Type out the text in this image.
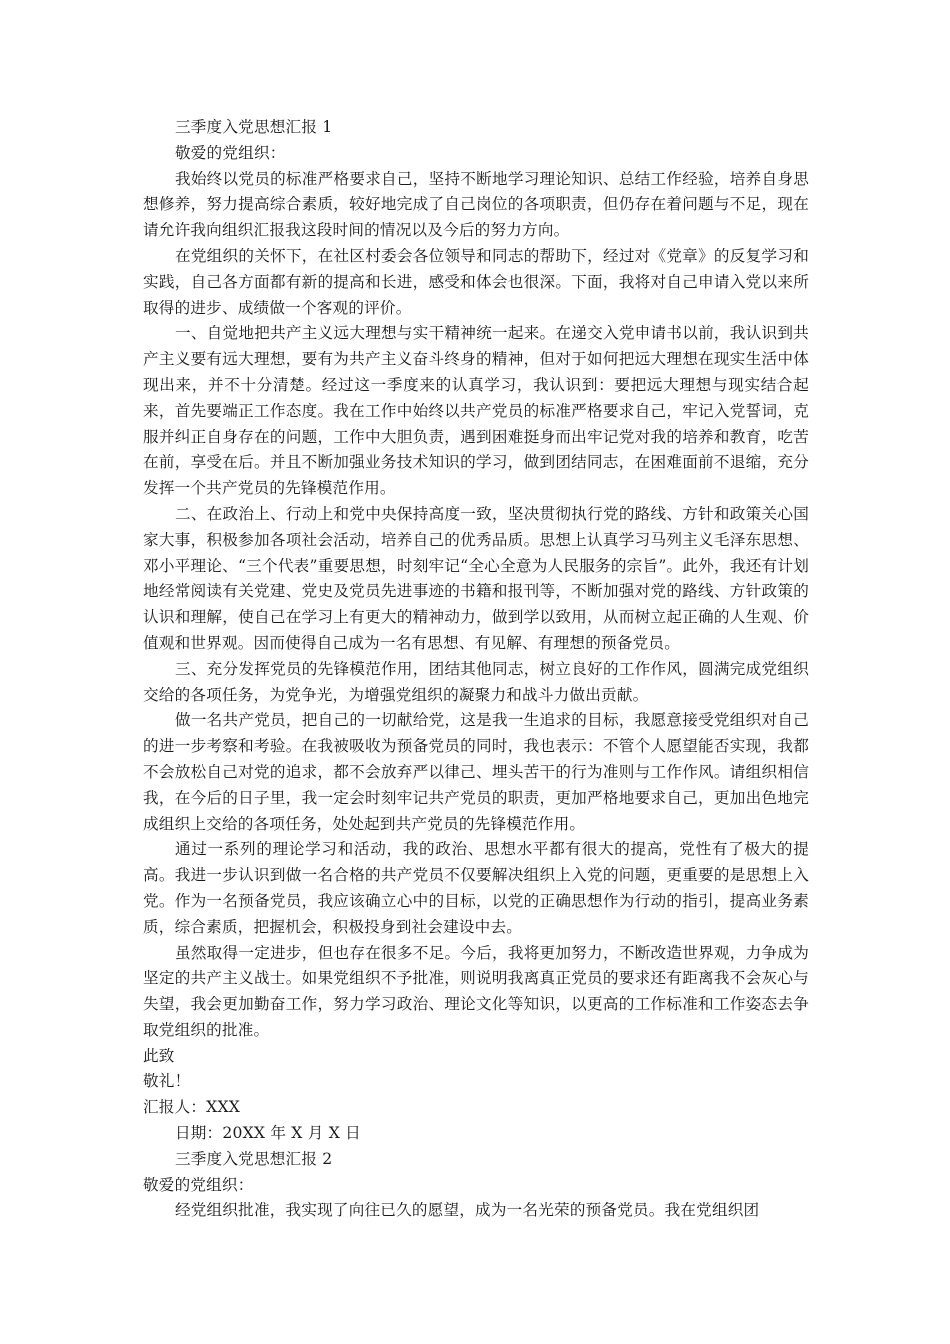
三季度入党思想汇报 1

敬爱的党组织：

我始终以党员的标准严格要求自己，坚持不断地学习理论知识、总结工作经验，培养自身思想修养，努力提高综合素质，较好地完成了自己岗位的各项职责，但仍存在着问题与不足，现在请允许我向组织汇报我这段时间的情况以及今后的努力方向。

在党组织的关怀下，在社区村委会各位领导和同志的帮助下，经过对《党章》的反复学习和实践，自己各方面都有新的提高和长进，感受和体会也很深。下面，我将对自己申请入党以来所取得的进步、成绩做一个客观的评价。

一、自觉地把共产主义远大理想与实干精神统一起来。在递交入党申请书以前，我认识到共产主义要有远大理想，要有为共产主义奋斗终身的精神，但对于如何把远大理想在现实生活中体现出来，并不十分清楚。经过这一季度来的认真学习，我认识到：要把远大理想与现实结合起来，首先要端正工作态度。我在工作中始终以共产党员的标准严格要求自己，牢记入党誓词，克服并纠正自身存在的问题，工作中大胆负责，遇到困难挺身而出牢记党对我的培养和教育，吃苦在前，享受在后。并且不断加强业务技术知识的学习，做到团结同志，在困难面前不退缩，充分发挥一个共产党员的先锋模范作用。

二、在政治上、行动上和党中央保持高度一致，坚决贯彻执行党的路线、方针和政策关心国家大事，积极参加各项社会活动，培养自己的优秀品质。思想上认真学习马列主义毛泽东思想、邓小平理论、“三个代表”重要思想，时刻牢记“全心全意为人民服务的宗旨”。此外，我还有计划地经常阅读有关党建、党史及党员先进事迹的书籍和报刊等，不断加强对党的路线、方针政策的认识和理解，使自己在学习上有更大的精神动力，做到学以致用，从而树立起正确的人生观、价值观和世界观。因而使得自己成为一名有思想、有见解、有理想的预备党员。

三、充分发挥党员的先锋模范作用，团结其他同志，树立良好的工作作风，圆满完成党组织交给的各项任务，为党争光，为增强党组织的凝聚力和战斗力做出贡献。

做一名共产党员，把自己的一切献给党，这是我一生追求的目标，我愿意接受党组织对自己的进一步考察和考验。在我被吸收为预备党员的同时，我也表示：不管个人愿望能否实现，我都不会放松自己对党的追求，都不会放弃严以律己、埋头苦干的行为准则与工作作风。请组织相信我，在今后的日子里，我一定会时刻牢记共产党员的职责，更加严格地要求自己，更加出色地完成组织上交给的各项任务，处处起到共产党员的先锋模范作用。

通过一系列的理论学习和活动，我的政治、思想水平都有很大的提高，党性有了极大的提高。我进一步认识到做一名合格的共产党员不仅要解决组织上入党的问题，更重要的是思想上入党。作为一名预备党员，我应该确立心中的目标，以党的正确思想作为行动的指引，提高业务素质，综合素质，把握机会，积极投身到社会建设中去。

虽然取得一定进步，但也存在很多不足。今后，我将更加努力，不断改造世界观，力争成为坚定的共产主义战士。如果党组织不予批准，则说明我离真正党员的要求还有距离我不会灰心与失望，我会更加勤奋工作，努力学习政治、理论文化等知识，以更高的工作标准和工作姿态去争取党组织的批准。

此致

敬礼！

汇报人：XXX

日期：20XX 年 X 月 X 日

三季度入党思想汇报 2

敬爱的党组织：

经党组织批准，我实现了向往已久的愿望，成为一名光荣的预备党员。我在党组织团
